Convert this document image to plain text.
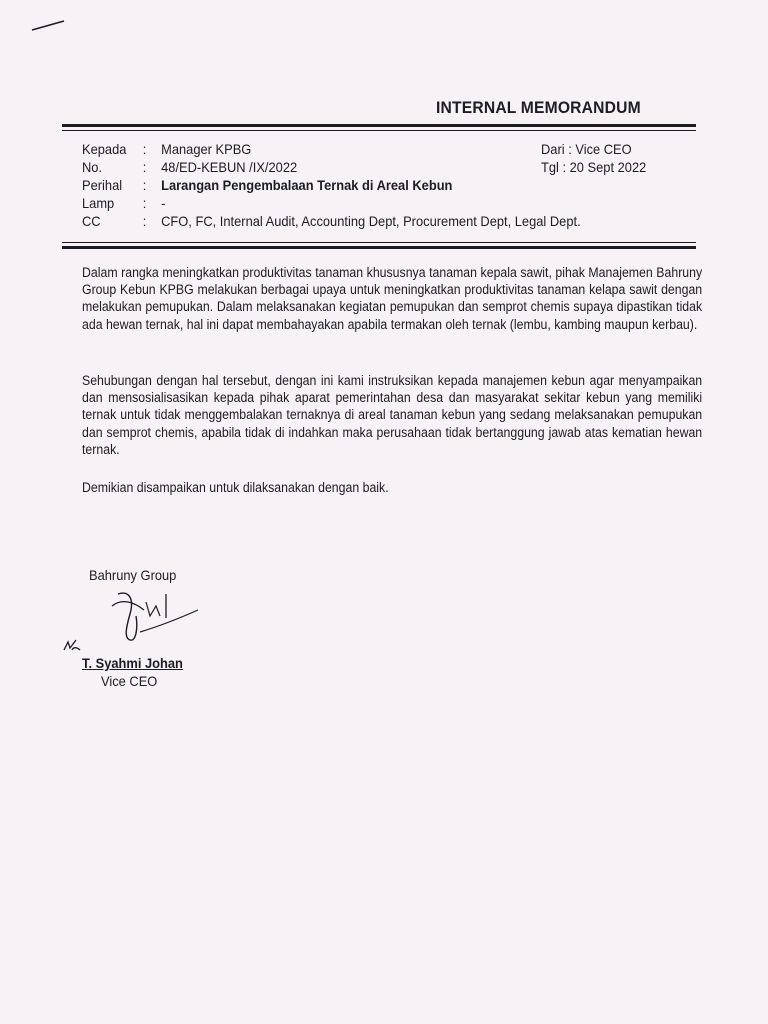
INTERNAL MEMORANDUM
Kepada : Manager KPBG
No.	: 48/ED-KEBUN /IX/2022
Perihal : Larangan Pengembalaan Ternak di Areal Kebun
Lamp : -
CC	: CFO, FC, Internal Audit, Accounting Dept, Procurement Dept, Legal Dept.
Dari : Vice CEO
Tgl : 20 Sept 2022
Dalam rangka meningkatkan produktivitas tanaman khususnya tanaman kepala sawit, pihak Manajemen Bahruny Group Kebun KPBG melakukan berbagai upaya untuk meningkatkan produktivitas tanaman kelapa sawit dengan melakukan pemupukan. Dalam melaksanakan kegiatan pemupukan dan semprot chemis supaya dipastikan tidak ada hewan ternak, hal ini dapat membahayakan apabila termakan oleh ternak (lembu, kambing maupun kerbau).
Sehubungan dengan hal tersebut, dengan ini kami instruksikan kepada manajemen kebun agar menyampaikan dan mensosialisasikan kepada pihak aparat pemerintahan desa dan masyarakat sekitar kebun yang memiliki ternak untuk tidak menggembalakan ternaknya di areal tanaman kebun yang sedang melaksanakan pemupukan dan semprot chemis, apabila tidak di indahkan maka perusahaan tidak bertanggung jawab atas kematian hewan ternak.
Demikian disampaikan untuk dilaksanakan dengan baik.
Bahruny Group
T. Syahmi Johan
Vice CEO
